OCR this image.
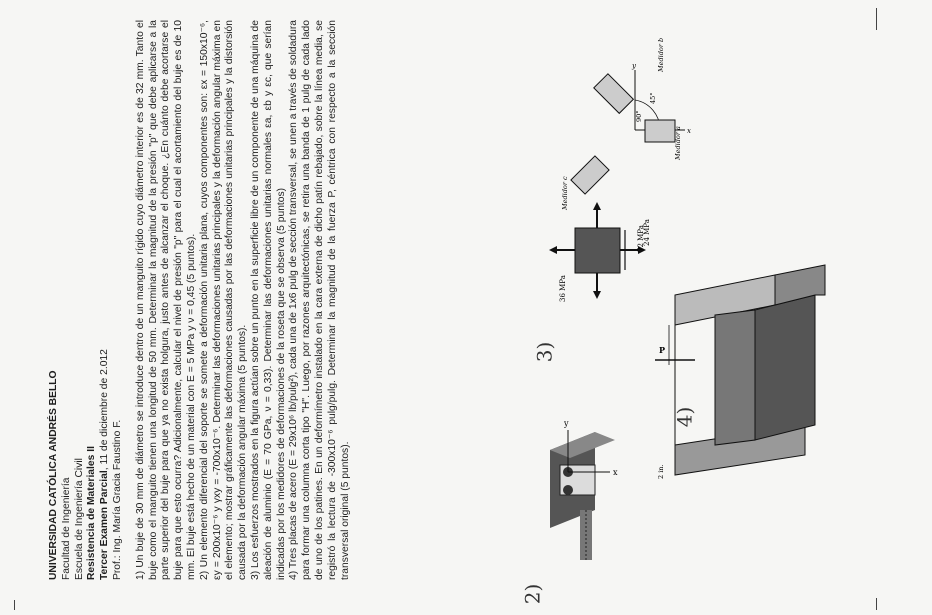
UNIVERSIDAD CATÓLICA ANDRÉS BELLO Facultad de Ingeniería Escuela de Ingeniería Civil Resistencia de Materiales II Tercer Examen Parcial, 11 de diciembre de 2.012
Prof.: Ing. María Gracia Faustino F. 1) Un buje de 30 mm de diámetro se introduce dentro de un manguito rígido cuyo diámetro interior es de 32 mm. Tanto el buje como el manguito tienen una longitud de 50 mm. Determinar la magnitud de la presión "p" que debe aplicarse a la parte superior del buje para que ya no exista holgura, justo antes de alcanzar el choque. ¿En cuánto debe acortarse el buje para que esto ocurra? Adicionalmente, calcular el nivel de presión "p" para el cual el acortamiento del buje es de 10 mm. El buje está hecho de un material con E = 5 MPa y ν = 0,45 (5 puntos). 2) Un elemento diferencial del soporte se somete a deformación unitaria plana, cuyos componentes son: εx = 150x10⁻⁶, εy = 200x10⁻⁶ y γxy = -700x10⁻⁶. Determinar las deformaciones unitarias principales y la deformación angular máxima en el elemento; mostrar gráficamente las deformaciones causadas por las deformaciones unitarias principales y la distorsión causada por la deformación angular máxima (5 puntos). 3) Los esfuerzos mostrados en la figura actúan sobre un punto en la superficie libre de un componente de una máquina de aleación de aluminio (E = 70 GPa, ν = 0,33). Determinar las deformaciones unitarias normales εa, εb y εc, que serían indicadas por los medidores de deformaciones de la roseta que se observa (5 puntos) 4) Tres placas de acero (E = 29x10⁶ lb/pulg²), cada una de 1x6 pulg de sección transversal, se unen a través de soldadura para formar una columna corta tipo "H". Luego, por razones arquitectónicas, se retira una banda de 1 pulg de cada lado de uno de los patines. En un deformímetro instalado en la cara externa de dicho patín rebajado, sobre la línea media, se registró la lectura de -300x10⁻⁶ pulg/pulg. Determinar la magnitud de la fuerza P, céntrica con respecto a la sección transversal original (5 puntos).

2)
3)
4)
x
y
36 MPa
72 MPa
24 MPa
Medidor b
Medidor a
Medidor c
45°
90°
x
y
P
2 in.
